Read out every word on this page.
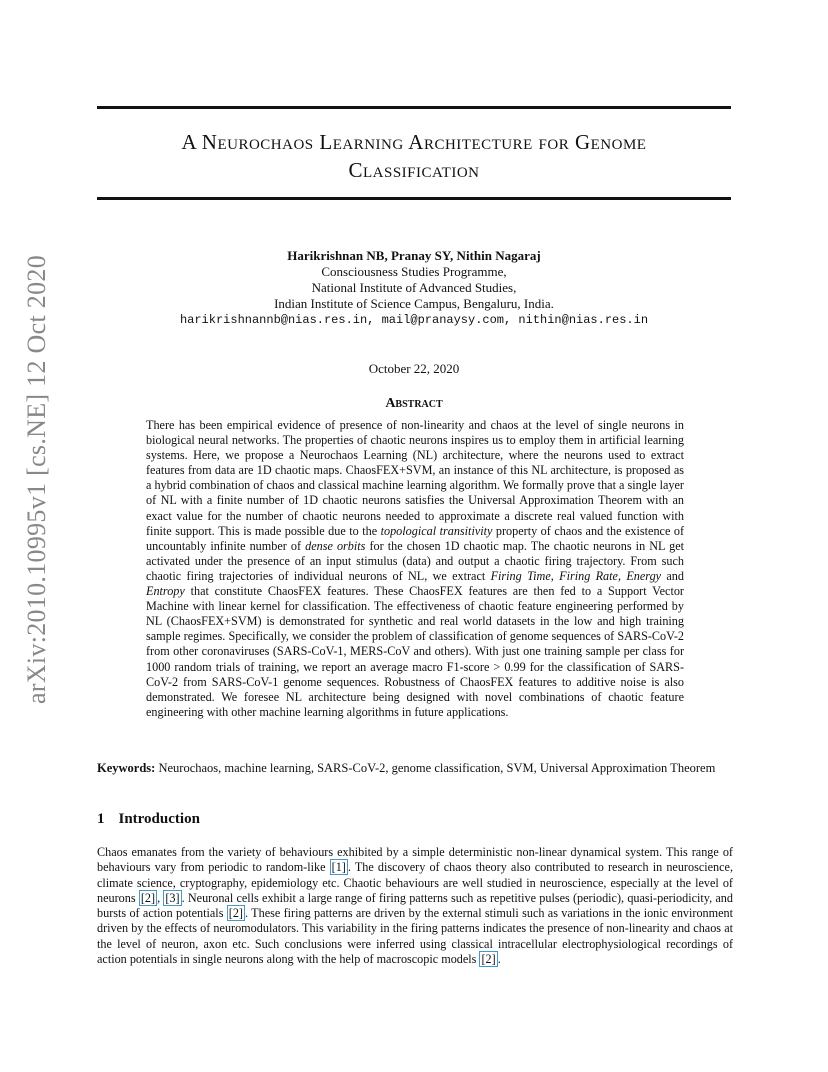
arXiv:2010.10995v1 [cs.NE] 12 Oct 2020
A Neurochaos Learning Architecture for Genome
Classification
Harikrishnan NB, Pranay SY, Nithin Nagaraj
Consciousness Studies Programme,
National Institute of Advanced Studies,
Indian Institute of Science Campus, Bengaluru, India.
harikrishnannb@nias.res.in, mail@pranaysy.com, nithin@nias.res.in
October 22, 2020
Abstract
There has been empirical evidence of presence of non-linearity and chaos at the level of single neurons in biological neural networks. The properties of chaotic neurons inspires us to employ them in artificial learning systems. Here, we propose a Neurochaos Learning (NL) architecture, where the neurons used to extract features from data are 1D chaotic maps. ChaosFEX+SVM, an instance of this NL architecture, is proposed as a hybrid combination of chaos and classical machine learning algorithm. We formally prove that a single layer of NL with a finite number of 1D chaotic neurons satisfies the Universal Approximation Theorem with an exact value for the number of chaotic neurons needed to approximate a discrete real valued function with finite support. This is made possible due to the topological transitivity property of chaos and the existence of uncountably infinite number of dense orbits for the chosen 1D chaotic map. The chaotic neurons in NL get activated under the presence of an input stimulus (data) and output a chaotic firing trajectory. From such chaotic firing trajectories of individual neurons of NL, we extract Firing Time, Firing Rate, Energy and Entropy that constitute ChaosFEX features. These ChaosFEX features are then fed to a Support Vector Machine with linear kernel for classification. The effectiveness of chaotic feature engineering performed by NL (ChaosFEX+SVM) is demonstrated for synthetic and real world datasets in the low and high training sample regimes. Specifically, we consider the problem of classification of genome sequences of SARS-CoV-2 from other coronaviruses (SARS-CoV-1, MERS-CoV and others). With just one training sample per class for 1000 random trials of training, we report an average macro F1-score > 0.99 for the classification of SARS-CoV-2 from SARS-CoV-1 genome sequences. Robustness of ChaosFEX features to additive noise is also demonstrated. We foresee NL architecture being designed with novel combinations of chaotic feature engineering with other machine learning algorithms in future applications.
Keywords: Neurochaos, machine learning, SARS-CoV-2, genome classification, SVM, Universal Approximation Theorem
1 Introduction
Chaos emanates from the variety of behaviours exhibited by a simple deterministic non-linear dynamical system. This range of behaviours vary from periodic to random-like [1] . The discovery of chaos theory also contributed to research in neuroscience, climate science, cryptography, epidemiology etc. Chaotic behaviours are well studied in neuroscience, especially at the level of neurons [2] , [3] . Neuronal cells exhibit a large range of firing patterns such as repetitive pulses (periodic), quasi-periodicity, and bursts of action potentials [2] . These firing patterns are driven by the external stimuli such as variations in the ionic environment driven by the effects of neuromodulators. This variability in the firing patterns indicates the presence of non-linearity and chaos at the level of neuron, axon etc. Such conclusions were inferred using classical intracellular electrophysiological recordings of action potentials in single neurons along with the help of macroscopic models [2] .
